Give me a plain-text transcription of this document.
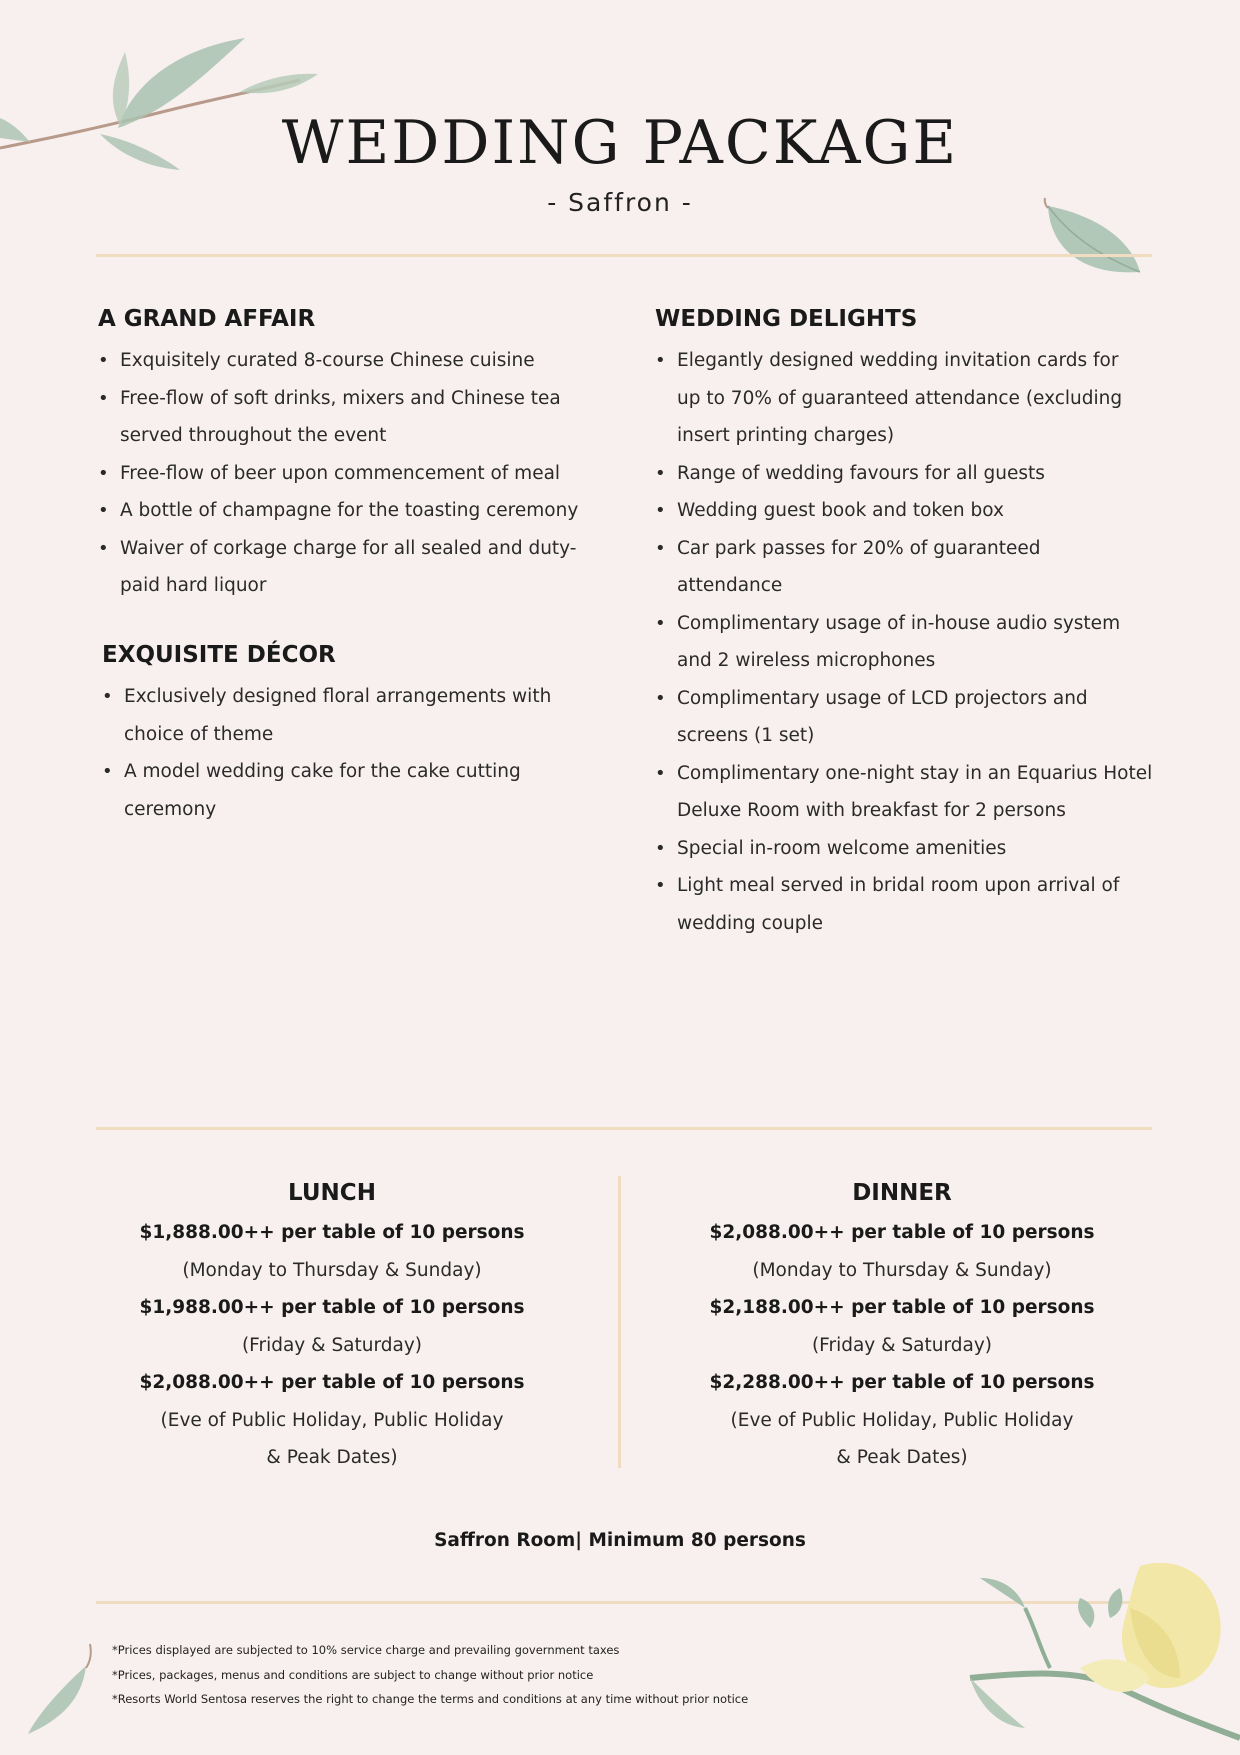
WEDDING PACKAGE
- Saffron -
A GRAND AFFAIR
• Exquisitely curated 8-course Chinese cuisine
• Free-flow of soft drinks, mixers and Chinese tea
served throughout the event
• Free-flow of beer upon commencement of meal
• A bottle of champagne for the toasting ceremony
• Waiver of corkage charge for all sealed and duty-
paid hard liquor
EXQUISITE DÉCOR
• Exclusively designed floral arrangements with
choice of theme
• A model wedding cake for the cake cutting
ceremony
WEDDING DELIGHTS
• Elegantly designed wedding invitation cards for
up to 70% of guaranteed attendance (excluding
insert printing charges)
• Range of wedding favours for all guests
• Wedding guest book and token box
• Car park passes for 20% of guaranteed
attendance
• Complimentary usage of in-house audio system
and 2 wireless microphones
• Complimentary usage of LCD projectors and
screens (1 set)
• Complimentary one-night stay in an Equarius Hotel
Deluxe Room with breakfast for 2 persons
• Special in-room welcome amenities
• Light meal served in bridal room upon arrival of
wedding couple
LUNCH
$1,888.00++ per table of 10 persons
(Monday to Thursday & Sunday)
$1,988.00++ per table of 10 persons
(Friday & Saturday)
$2,088.00++ per table of 10 persons
(Eve of Public Holiday, Public Holiday
& Peak Dates)
DINNER
$2,088.00++ per table of 10 persons
(Monday to Thursday & Sunday)
$2,188.00++ per table of 10 persons
(Friday & Saturday)
$2,288.00++ per table of 10 persons
(Eve of Public Holiday, Public Holiday
& Peak Dates)
Saffron Room| Minimum 80 persons
*Prices displayed are subjected to 10% service charge and prevailing government taxes
*Prices, packages, menus and conditions are subject to change without prior notice
*Resorts World Sentosa reserves the right to change the terms and conditions at any time without prior notice
